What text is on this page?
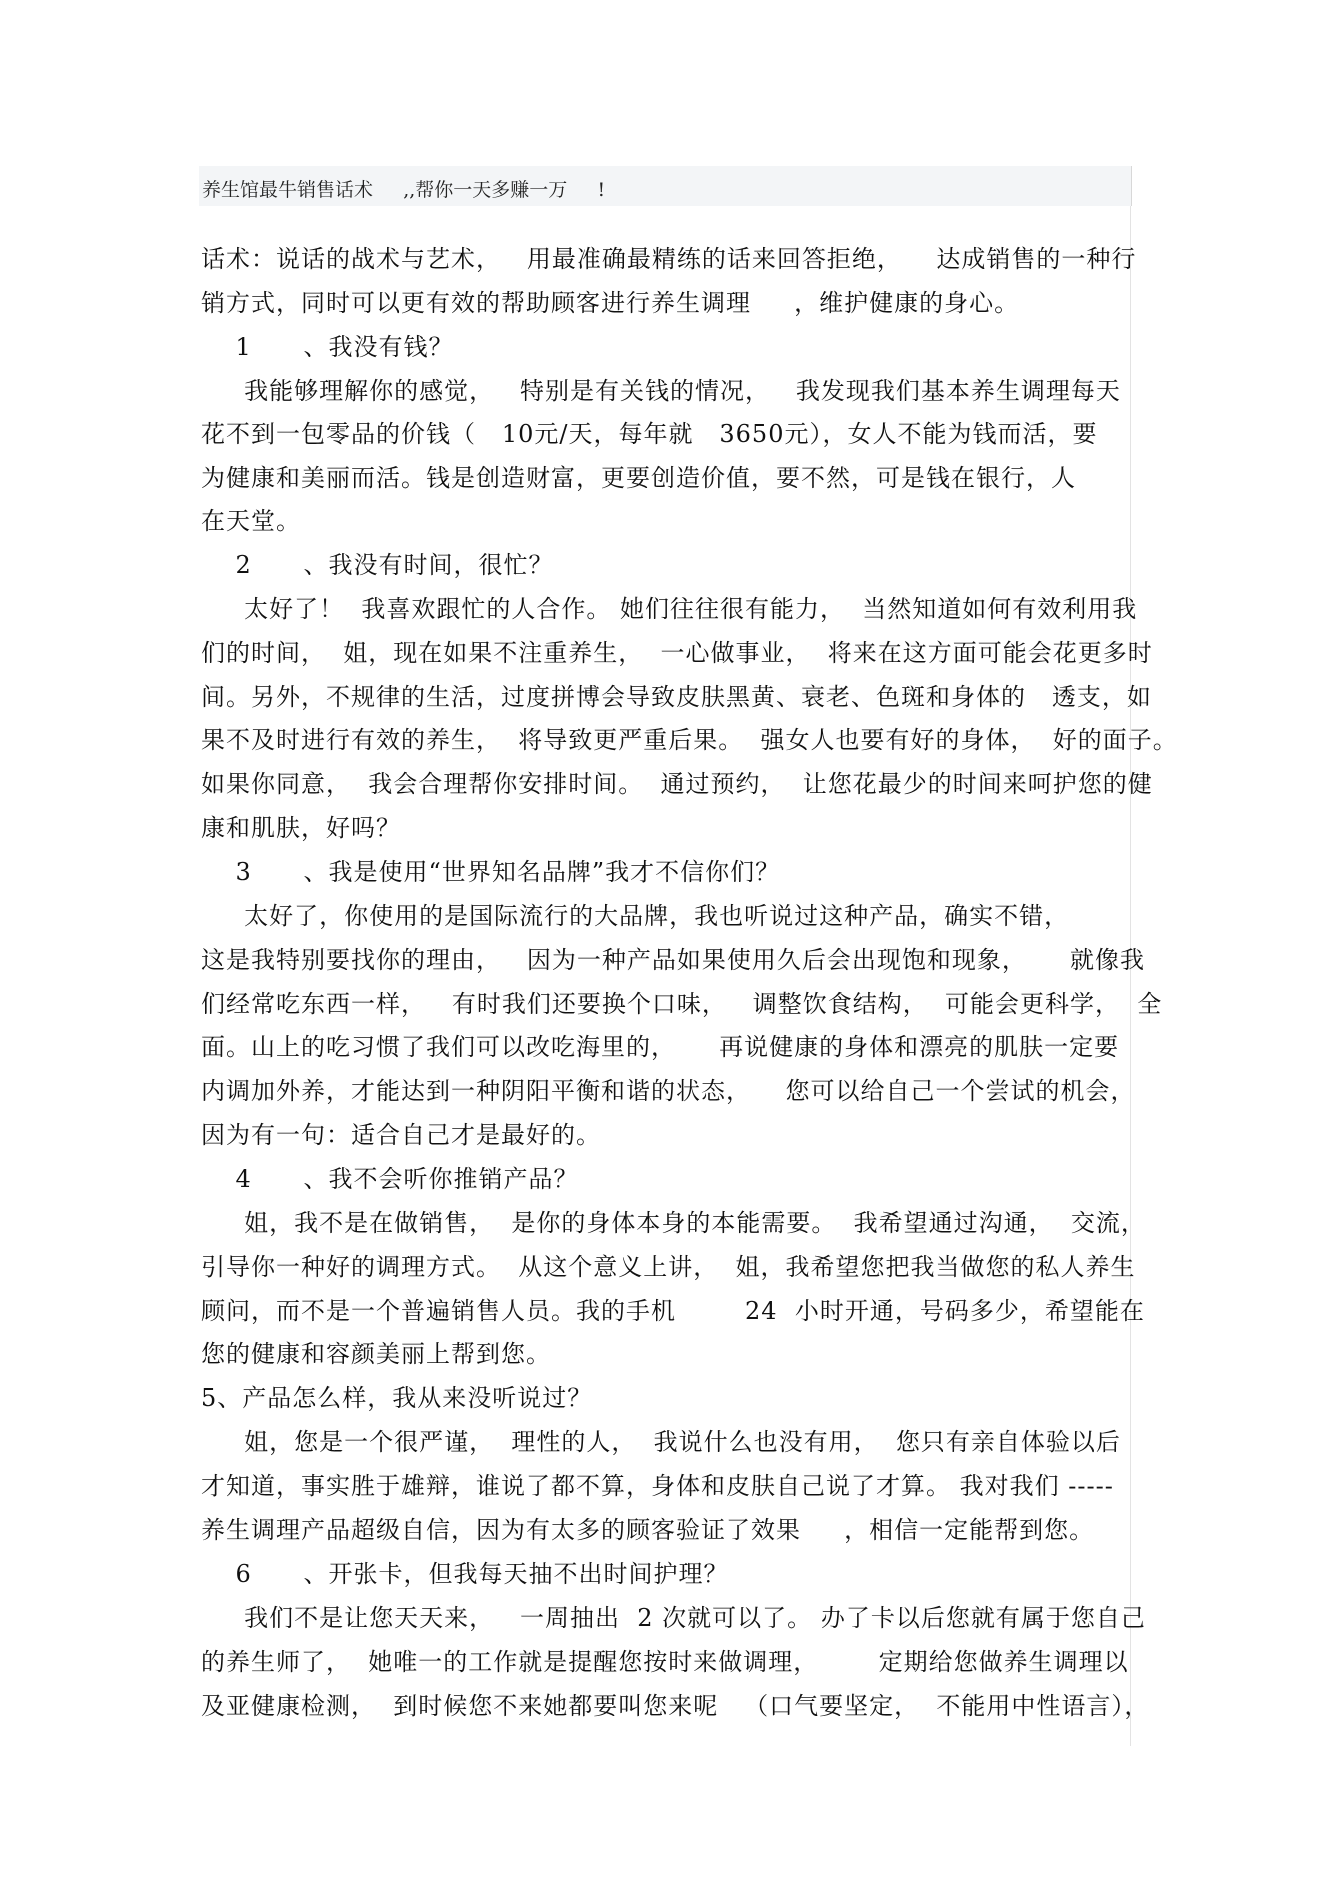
养生馆最牛销售话术     ,,帮你一天多赚一万     !
话术：说话的战术与艺术，   用最准确最精练的话来回答拒绝，    达成销售的一种行
销方式，同时可以更有效的帮助顾客进行养生调理     ，维护健康的身心。
1      、我没有钱？
我能够理解你的感觉，   特别是有关钱的情况，   我发现我们基本养生调理每天
花不到一包零品的价钱（   10元/天，每年就   3650元），女人不能为钱而活，要
为健康和美丽而活。钱是创造财富，更要创造价值，要不然，可是钱在银行，人
在天堂。
2      、我没有时间，很忙？
太好了！  我喜欢跟忙的人合作。 她们往往很有能力，  当然知道如何有效利用我
们的时间，  姐，现在如果不注重养生，  一心做事业，  将来在这方面可能会花更多时
间。另外，不规律的生活，过度拼博会导致皮肤黑黄、衰老、色斑和身体的   透支，如
果不及时进行有效的养生，  将导致更严重后果。  强女人也要有好的身体，  好的面子。
如果你同意，  我会合理帮你安排时间。  通过预约，  让您花最少的时间来呵护您的健
康和肌肤，好吗？
3      、我是使用“世界知名品牌”我才不信你们？
太好了，你使用的是国际流行的大品牌，我也听说过这种产品，确实不错，
这是我特别要找你的理由，   因为一种产品如果使用久后会出现饱和现象，     就像我
们经常吃东西一样，   有时我们还要换个口味，   调整饮食结构，  可能会更科学，  全
面。山上的吃习惯了我们可以改吃海里的，     再说健康的身体和漂亮的肌肤一定要
内调加外养，才能达到一种阴阳平衡和谐的状态，    您可以给自己一个尝试的机会，
因为有一句：适合自己才是最好的。
4      、我不会听你推销产品？
姐，我不是在做销售，  是你的身体本身的本能需要。  我希望通过沟通，  交流，
引导你一种好的调理方式。  从这个意义上讲，  姐，我希望您把我当做您的私人养生
顾问，而不是一个普遍销售人员。我的手机        24  小时开通，号码多少，希望能在
您的健康和容颜美丽上帮到您。
5、产品怎么样，我从来没听说过？
姐，您是一个很严谨，  理性的人，  我说什么也没有用，  您只有亲自体验以后
才知道，事实胜于雄辩，谁说了都不算，身体和皮肤自己说了才算。 我对我们 -----
养生调理产品超级自信，因为有太多的顾客验证了效果     ，相信一定能帮到您。
6      、开张卡，但我每天抽不出时间护理？
我们不是让您天天来，   一周抽出  2 次就可以了。 办了卡以后您就有属于您自己
的养生师了，  她唯一的工作就是提醒您按时来做调理，       定期给您做养生调理以
及亚健康检测，  到时候您不来她都要叫您来呢   （口气要坚定，  不能用中性语言），
